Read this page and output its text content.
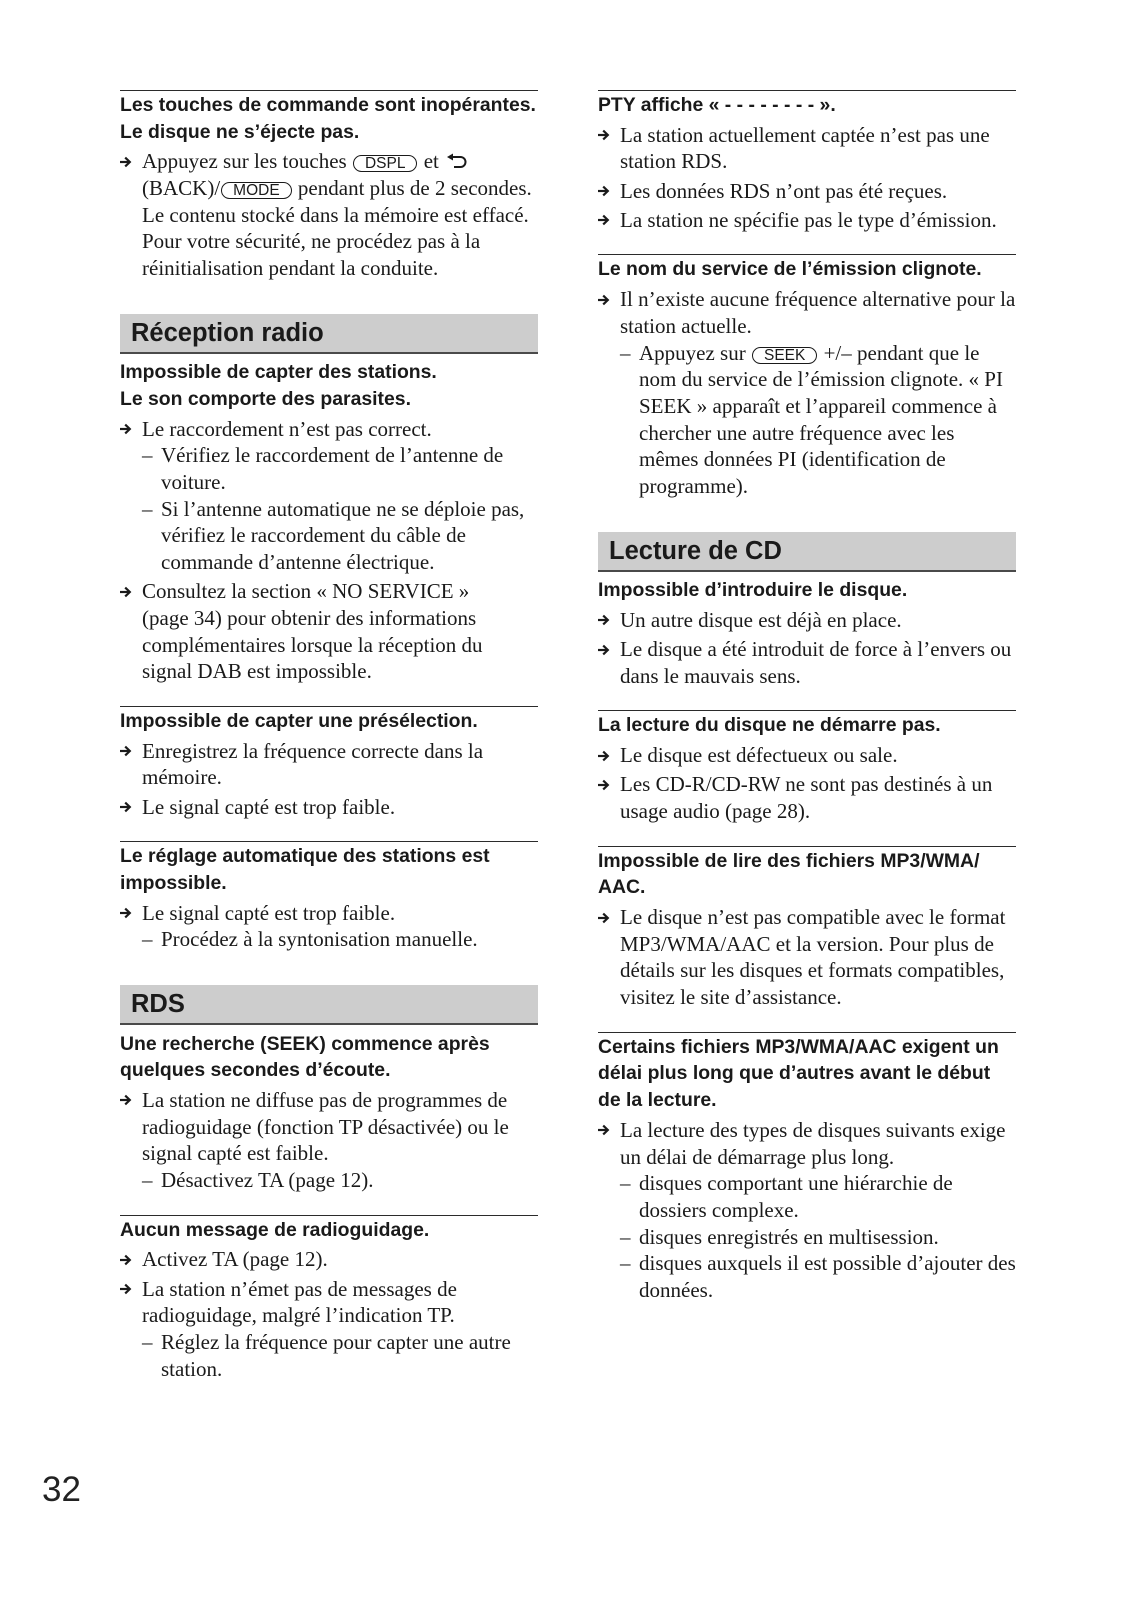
32
Les touches de commande sont inopérantes.
Le disque ne s’éjecte pas.
Appuyez sur les touches DSPL et
(BACK)/ MODE pendant plus de 2 secondes.
Le contenu stocké dans la mémoire est effacé.
Pour votre sécurité, ne procédez pas à la
réinitialisation pendant la conduite.
Réception radio
Impossible de capter des stations.
Le son comporte des parasites.
Le raccordement n’est pas correct.
– Vérifiez le raccordement de l’antenne de
voiture.
– Si l’antenne automatique ne se déploie pas,
vérifiez le raccordement du câble de
commande d’antenne électrique.
Consultez la section « NO SERVICE »
(page 34) pour obtenir des informations
complémentaires lorsque la réception du
signal DAB est impossible.
Impossible de capter une présélection.
Enregistrez la fréquence correcte dans la
mémoire.
Le signal capté est trop faible.
Le réglage automatique des stations est
impossible.
Le signal capté est trop faible.
– Procédez à la syntonisation manuelle.
RDS
Une recherche (SEEK) commence après
quelques secondes d’écoute.
La station ne diffuse pas de programmes de
radioguidage (fonction TP désactivée) ou le
signal capté est faible.
– Désactivez TA (page 12).
Aucun message de radioguidage.
Activez TA (page 12).
La station n’émet pas de messages de
radioguidage, malgré l’indication TP.
– Réglez la fréquence pour capter une autre
station.
PTY affiche « - - - - - - - - ».
La station actuellement captée n’est pas une
station RDS.
Les données RDS n’ont pas été reçues.
La station ne spécifie pas le type d’émission.
Le nom du service de l’émission clignote.
Il n’existe aucune fréquence alternative pour la
station actuelle.
– Appuyez sur SEEK +/– pendant que le
nom du service de l’émission clignote. « PI
SEEK » apparaît et l’appareil commence à
chercher une autre fréquence avec les
mêmes données PI (identification de
programme).
Lecture de CD
Impossible d’introduire le disque.
Un autre disque est déjà en place.
Le disque a été introduit de force à l’envers ou
dans le mauvais sens.
La lecture du disque ne démarre pas.
Le disque est défectueux ou sale.
Les CD-R/CD-RW ne sont pas destinés à un
usage audio (page 28).
Impossible de lire des fichiers MP3/WMA/
AAC.
Le disque n’est pas compatible avec le format
MP3/WMA/AAC et la version. Pour plus de
détails sur les disques et formats compatibles,
visitez le site d’assistance.
Certains fichiers MP3/WMA/AAC exigent un
délai plus long que d’autres avant le début
de la lecture.
La lecture des types de disques suivants exige
un délai de démarrage plus long.
– disques comportant une hiérarchie de
dossiers complexe.
– disques enregistrés en multisession.
– disques auxquels il est possible d’ajouter des
données.
